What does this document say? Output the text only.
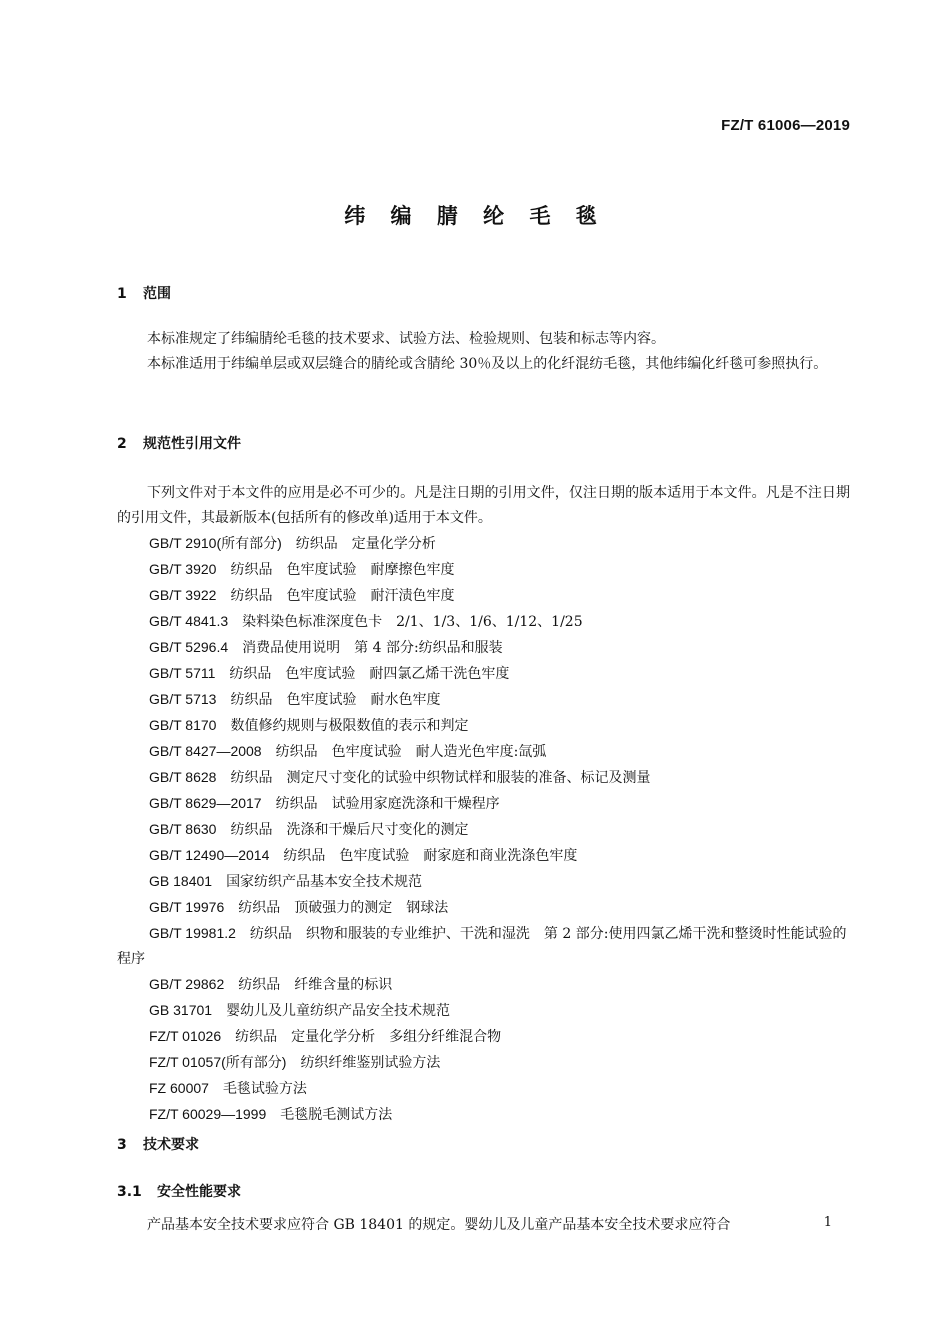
FZ/T 61006—2019
纬 编 腈 纶 毛 毯
1 范围
本标准规定了纬编腈纶毛毯的技术要求、试验方法、检验规则、包装和标志等内容。
本标准适用于纬编单层或双层缝合的腈纶或含腈纶 30％及以上的化纤混纺毛毯，其他纬编化纤毯可参照执行。
2 规范性引用文件
下列文件对于本文件的应用是必不可少的。凡是注日期的引用文件，仅注日期的版本适用于本文件。凡是不注日期的引用文件，其最新版本(包括所有的修改单)适用于本文件。
GB/T 2910(所有部分) 纺织品　定量化学分析
GB/T 3920 纺织品　色牢度试验　耐摩擦色牢度
GB/T 3922 纺织品　色牢度试验　耐汗渍色牢度
GB/T 4841.3 染料染色标准深度色卡　2/1、1/3、1/6、1/12、1/25
GB/T 5296.4 消费品使用说明　第 4 部分:纺织品和服装
GB/T 5711 纺织品　色牢度试验　耐四氯乙烯干洗色牢度
GB/T 5713 纺织品　色牢度试验　耐水色牢度
GB/T 8170 数值修约规则与极限数值的表示和判定
GB/T 8427—2008 纺织品　色牢度试验　耐人造光色牢度:氙弧
GB/T 8628 纺织品　测定尺寸变化的试验中织物试样和服装的准备、标记及测量
GB/T 8629—2017 纺织品　试验用家庭洗涤和干燥程序
GB/T 8630 纺织品　洗涤和干燥后尺寸变化的测定
GB/T 12490—2014 纺织品　色牢度试验　耐家庭和商业洗涤色牢度
GB 18401 国家纺织产品基本安全技术规范
GB/T 19976 纺织品　顶破强力的测定　钢球法
GB/T 19981.2 纺织品　织物和服装的专业维护、干洗和湿洗　第 2 部分:使用四氯乙烯干洗和整烫时性能试验的程序
GB/T 29862 纺织品　纤维含量的标识
GB 31701 婴幼儿及儿童纺织产品安全技术规范
FZ/T 01026 纺织品　定量化学分析　多组分纤维混合物
FZ/T 01057(所有部分) 纺织纤维鉴别试验方法
FZ 60007 毛毯试验方法
FZ/T 60029—1999 毛毯脱毛测试方法
3 技术要求
3.1 安全性能要求
产品基本安全技术要求应符合 GB 18401 的规定。婴幼儿及儿童产品基本安全技术要求应符合	1
